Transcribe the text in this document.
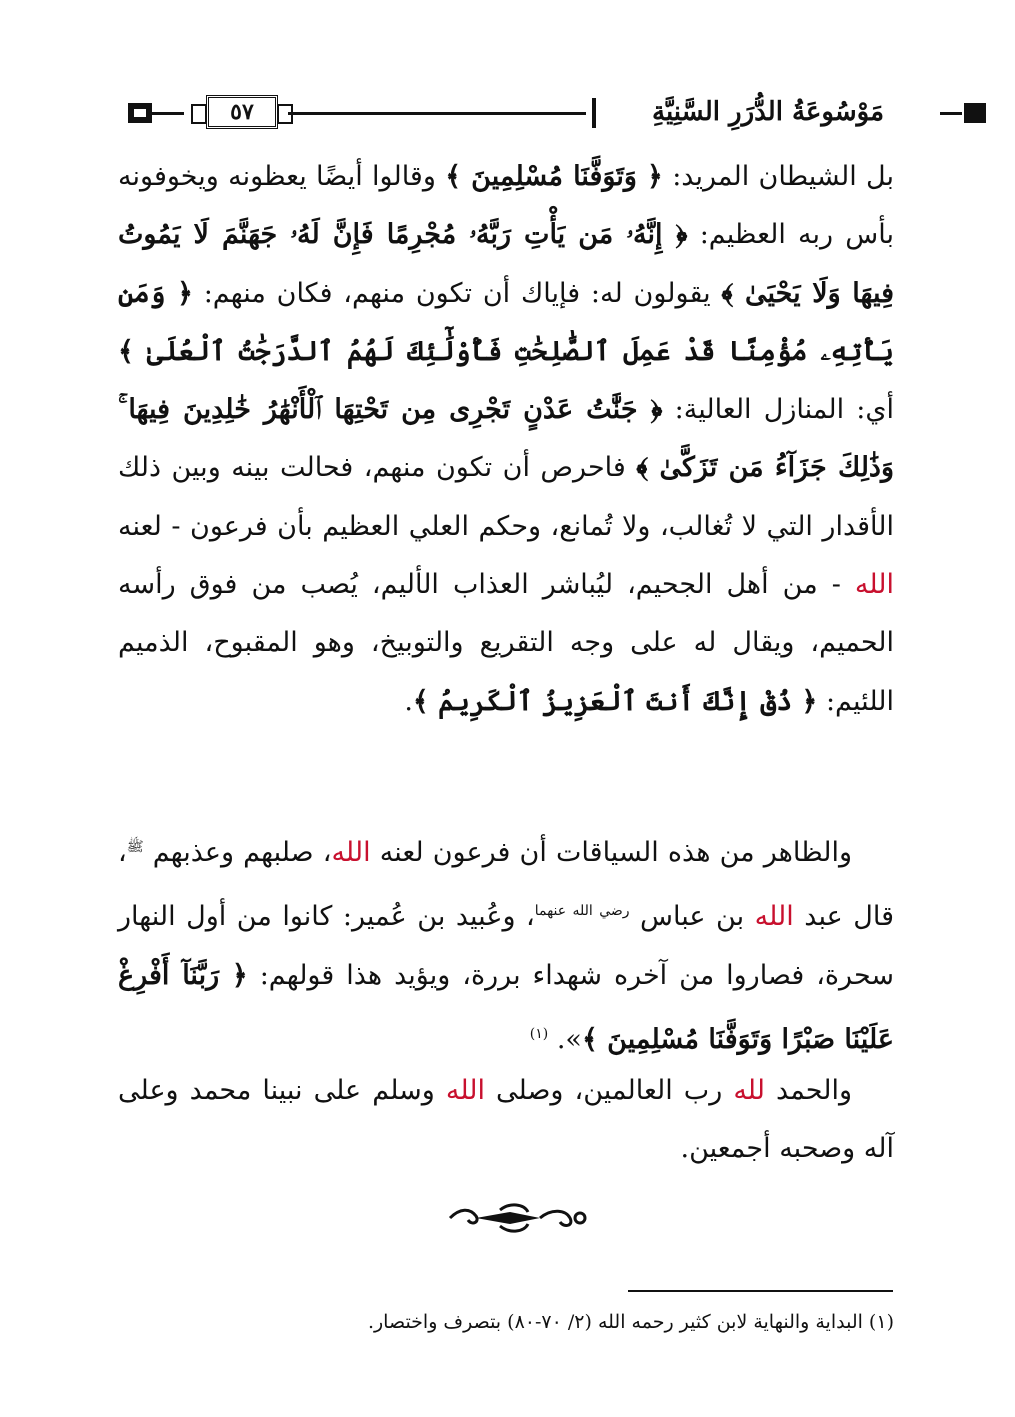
٥٧	مَوْسُوعَةُ الدُّرَرِ السَّنِيَّةِ

بل الشيطان المريد: ﴿ وَتَوَفَّنَا مُسْلِمِينَ ﴾ وقالوا أيضًا يعظونه ويخوفونه بأس ربه العظيم: ﴿ إِنَّهُۥ مَن يَأْتِ رَبَّهُۥ مُجْرِمًا فَإِنَّ لَهُۥ جَهَنَّمَ لَا يَمُوتُ فِيهَا وَلَا يَحْيَىٰ ﴾ يقولون له: فإياك أن تكون منهم، فكان منهم: ﴿ وَمَن يَأْتِهِۦ مُؤْمِنًا قَدْ عَمِلَ ٱلصَّٰلِحَٰتِ فَأُوْلَٰٓئِكَ لَهُمُ ٱلدَّرَجَٰتُ ٱلْعُلَىٰ ﴾ أي: المنازل العالية: ﴿ جَنَّٰتُ عَدْنٍ تَجْرِى مِن تَحْتِهَا ٱلْأَنْهَٰرُ خَٰلِدِينَ فِيهَا ۚ وَذَٰلِكَ جَزَآءُ مَن تَزَكَّىٰ ﴾ فاحرص أن تكون منهم، فحالت بينه وبين ذلك الأقدار التي لا تُغالب، ولا تُمانع، وحكم العلي العظيم بأن فرعون - لعنه الله - من أهل الجحيم، ليُباشر العذاب الأليم، يُصب من فوق رأسه الحميم، ويقال له على وجه التقريع والتوبيخ، وهو المقبوح، الذميم اللئيم: ﴿ ذُقْ إِنَّكَ أَنتَ ٱلْعَزِيزُ ٱلْكَرِيمُ ﴾.

والظاهر من هذه السياقات أن فرعون لعنه الله، صلبهم وعذبهم $^ﷺ$، قال عبد الله بن عباس $^{رضي الله عنهما}$، وعُبيد بن عُمير: كانوا من أول النهار سحرة، فصاروا من آخره شهداء بررة، ويؤيد هذا قولهم: ﴿ رَبَّنَآ أَفْرِغْ عَلَيْنَا صَبْرًا وَتَوَفَّنَا مُسْلِمِينَ ﴾». $^{(١)}$

والحمد لله رب العالمين، وصلى الله وسلم على نبينا محمد وعلى آله وصحبه أجمعين.

(١) البداية والنهاية لابن كثير رحمه الله (٢/ ٧٠-٨٠) بتصرف واختصار.
